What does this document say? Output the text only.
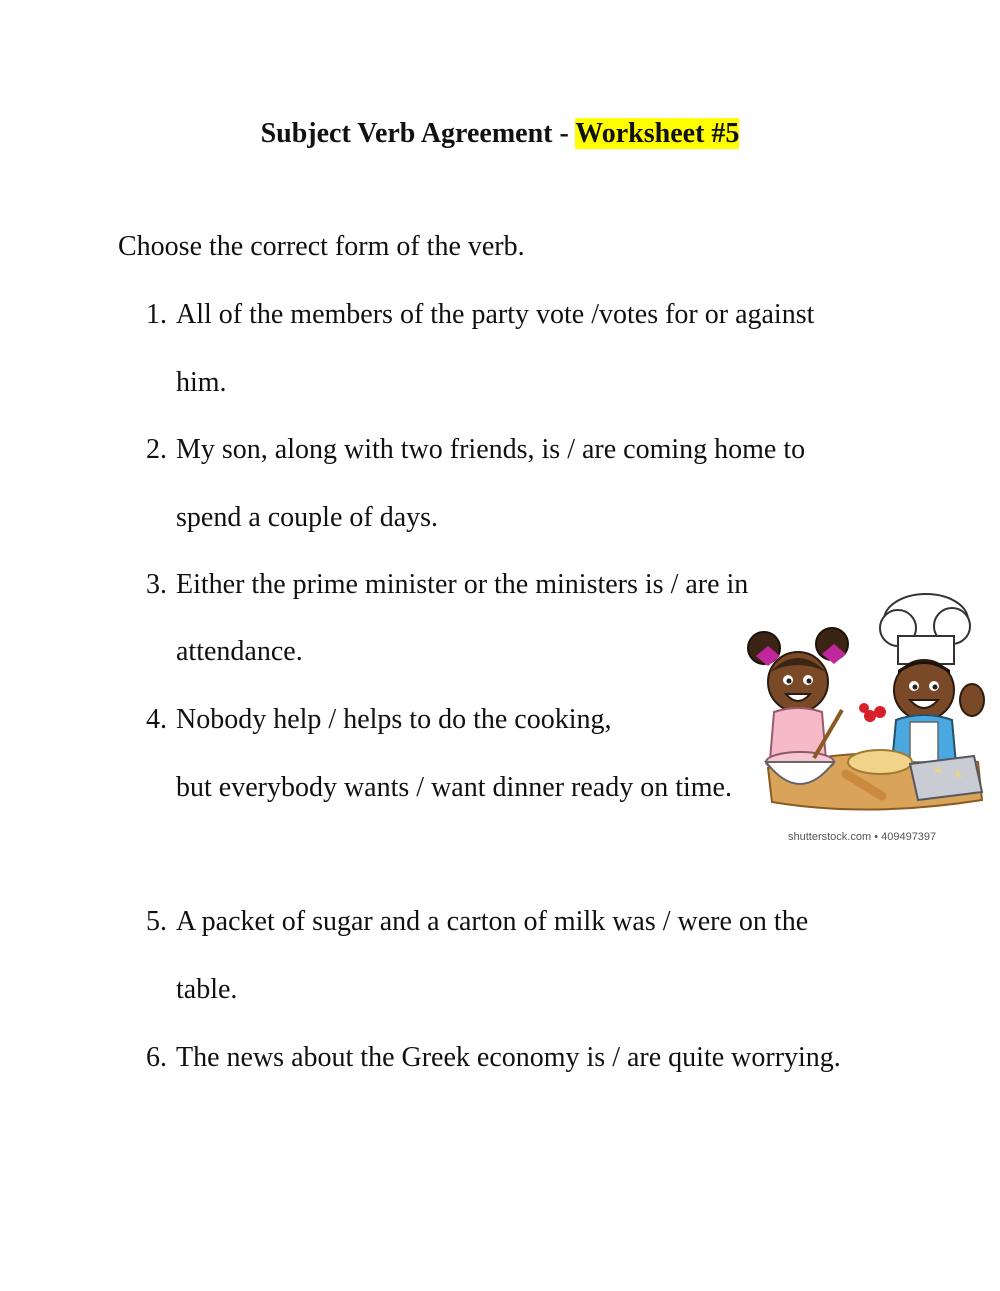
Subject Verb Agreement - Worksheet #5
Choose the correct form of the verb.
1. All of the members of the party vote /votes for or against
him.
2. My son, along with two friends, is / are coming home to
spend a couple of days.
3. Either the prime minister or the ministers is / are in
attendance.
4. Nobody help / helps to do the cooking,
but everybody wants / want dinner ready on time.
5. A packet of sugar and a carton of milk was / were on the
table.
6. The news about the Greek economy is / are quite worrying.
shutterstock.com • 409497397
